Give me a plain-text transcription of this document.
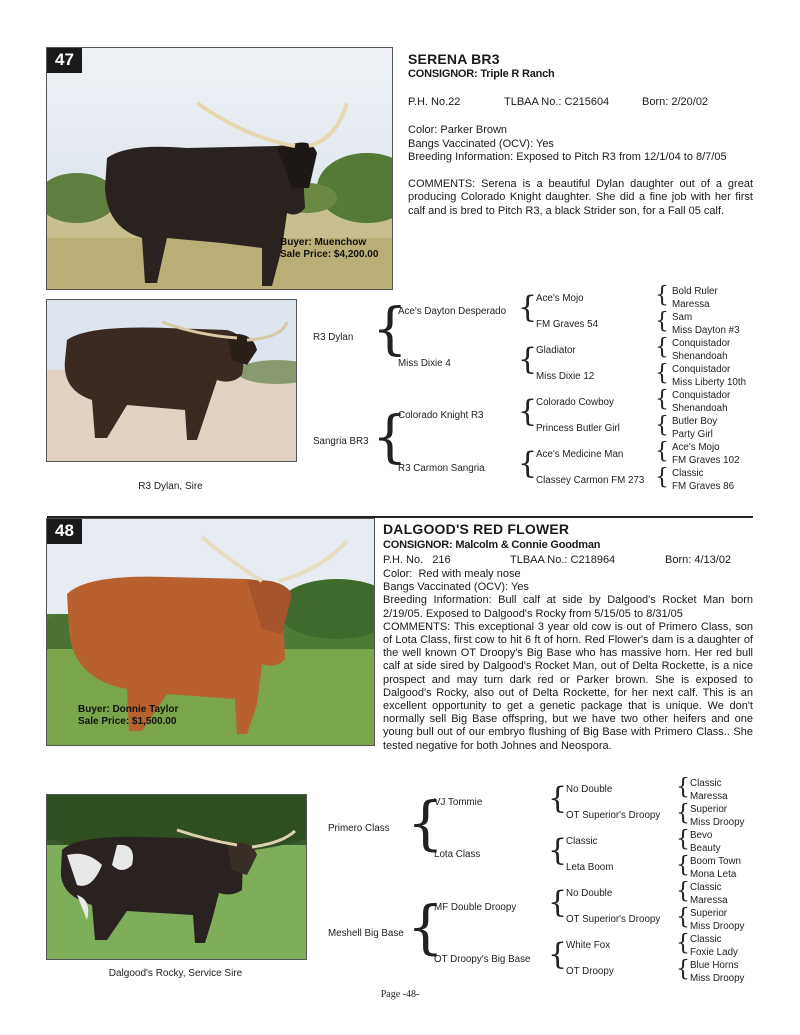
47
Buyer: Muenchow
Sale Price: $4,200.00
SERENA BR3
CONSIGNOR: Triple R Ranch
P.H. No.22	TLBAA No.: C215604	Born: 2/20/02

Color: Parker Brown

Bangs Vaccinated (OCV): Yes

Breeding Information: Exposed to Pitch R3 from 12/1/04 to 8/7/05

COMMENTS: Serena is a beautiful Dylan daughter out of a great producing Colorado Knight daughter. She did a fine job with her first calf and is bred to Pitch R3, a black Strider son, for a Fall 05 calf.

R3 Dylan, Sire
R3 Dylan
Sangria BR3
{
{
Ace's Dayton Desperado
Miss Dixie 4
Colorado Knight R3
R3 Carmon Sangria
{
{
{
{
Ace's Mojo
FM Graves 54
Gladiator
Miss Dixie 12
Colorado Cowboy
Princess Butler Girl
Ace's Medicine Man
Classey Carmon FM 273
{
{
{
{
{
{
{
{
Bold Ruler
Maressa
Sam
Miss Dayton #3
Conquistador
Shenandoah
Conquistador
Miss Liberty 10th
Conquistador
Shenandoah
Butler Boy
Party Girl
Ace's Mojo
FM Graves 102
Classic
FM Graves 86
48
Buyer: Donnie Taylor
Sale Price: $1,500.00
DALGOOD'S RED FLOWER
CONSIGNOR: Malcolm & Connie Goodman
P.H. No.   216	TLBAA No.: C218964	Born: 4/13/02

Color:  Red with mealy nose

Bangs Vaccinated (OCV): Yes

Breeding Information: Bull calf at side by Dalgood's Rocket Man born 2/19/05. Exposed to Dalgood's Rocky from 5/15/05 to 8/31/05

COMMENTS: This exceptional 3 year old cow is out of Primero Class, son of Lota Class, first cow to hit 6 ft of horn. Red Flower's dam is a daughter of the well known OT Droopy's Big Base who has massive horn. Her red bull calf at side sired by Dalgood's Rocket Man, out of Delta Rockette, is a nice prospect and may turn dark red or Parker brown. She is exposed to Dalgood's Rocky, also out of Delta Rockette, for her next calf. This is an excellent opportunity to get a genetic package that is unique. We don't normally sell Big Base offspring, but we have two other heifers and one young bull out of our embryo flushing of Big Base with Primero Class.. She tested negative for both Johnes and Neospora.

Dalgood's Rocky, Service Sire
Primero Class
Meshell Big Base
{
{
VJ Tommie
Lota Class
MF Double Droopy
OT Droopy's Big Base
{
{
{
{
No Double
OT Superior's Droopy
Classic
Leta Boom
No Double
OT Superior's Droopy
White Fox
OT Droopy
{
{
{
{
{
{
{
{
Classic
Maressa
Superior
Miss Droopy
Bevo
Beauty
Boom Town
Mona Leta
Classic
Maressa
Superior
Miss Droopy
Classic
Foxie Lady
Blue Horns
Miss Droopy
Page -48-
